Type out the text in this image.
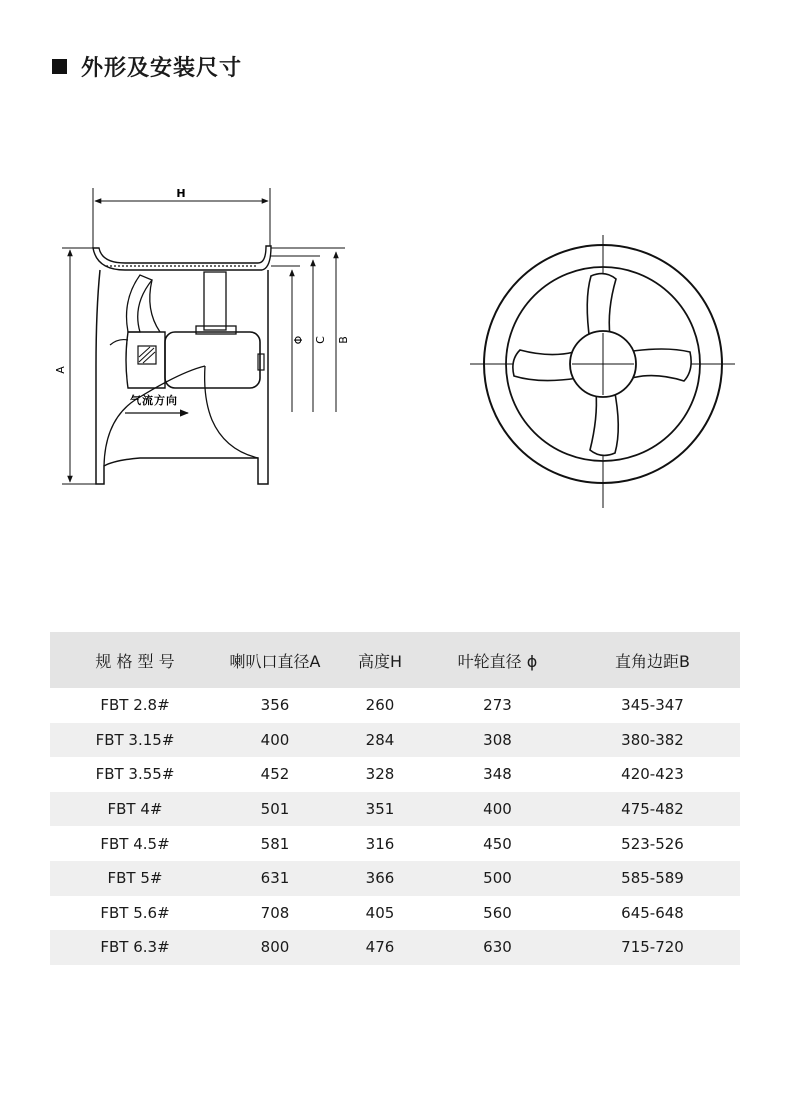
外形及安装尺寸
H
A
Φ C B
气流方向
规 格 型 号	喇叭口直径A	高度H	叶轮直径 ϕ	直角边距B
FBT 2.8#	356	260	273	345-347
FBT 3.15#	400	284	308	380-382
FBT 3.55#	452	328	348	420-423
FBT 4#	501	351	400	475-482
FBT 4.5#	581	316	450	523-526
FBT 5#	631	366	500	585-589
FBT 5.6#	708	405	560	645-648
FBT 6.3#	800	476	630	715-720
